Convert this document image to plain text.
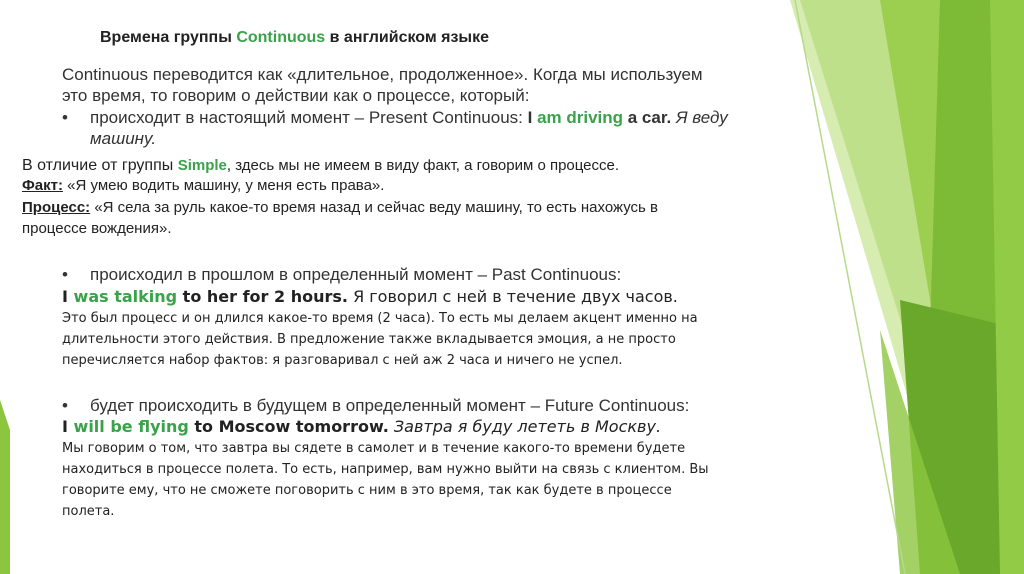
Времена группы Continuous в английском языке
Continuous переводится как «длительное, продолженное». Когда мы используем
это время, то говорим о действии как о процессе, который:
• происходит в настоящий момент – Present Continuous: I am driving a car. Я веду
машину.
В отличие от группы Simple, здесь мы не имеем в виду факт, а говорим о процессе.
Факт: «Я умею водить машину, у меня есть права».
Процесс: «Я села за руль какое-то время назад и сейчас веду машину, то есть нахожусь в
процессе вождения».
• происходил в прошлом в определенный момент – Past Continuous:
I was talking to her for 2 hours. Я говорил с ней в течение двух часов.
Это был процесс и он длился какое-то время (2 часа). То есть мы делаем акцент именно на
длительности этого действия. В предложение также вкладывается эмоция, а не просто
перечисляется набор фактов: я разговаривал с ней аж 2 часа и ничего не успел.
• будет происходить в будущем в определенный момент – Future Continuous:
I will be flying to Moscow tomorrow. Завтра я буду лететь в Москву.
Мы говорим о том, что завтра вы сядете в самолет и в течение какого-то времени будете
находиться в процессе полета. То есть, например, вам нужно выйти на связь с клиентом. Вы
говорите ему, что не сможете поговорить с ним в это время, так как будете в процессе
полета.
